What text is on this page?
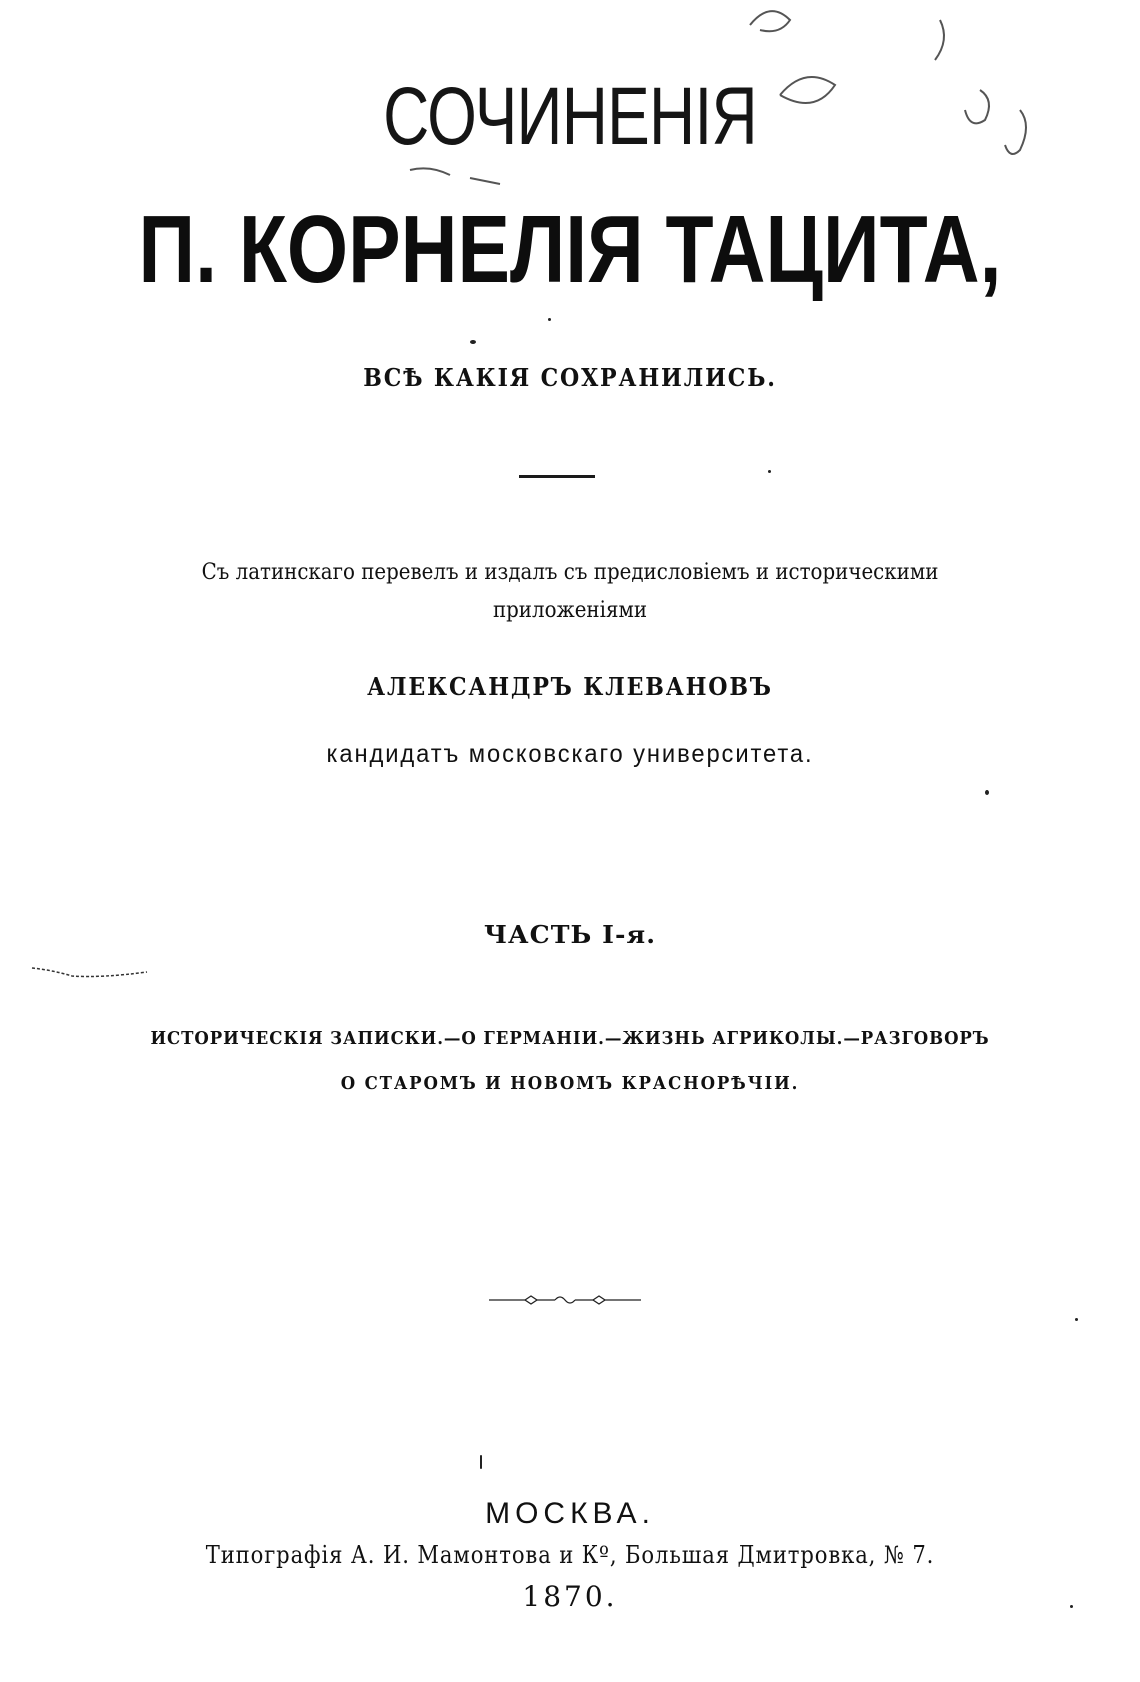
СОЧИНЕНІЯ
П. КОРНЕЛІЯ ТАЦИТА,
ВСѢ КАКІЯ СОХРАНИЛИСЬ.
Съ латинскаго перевелъ и издалъ съ предисловіемъ и историческими
приложеніями
АЛЕКСАНДРЪ КЛЕВАНОВЪ
кандидатъ московскаго университета.
ЧАСТЬ I-я.
ИСТОРИЧЕСКІЯ ЗАПИСКИ.—О ГЕРМАНІИ.—ЖИЗНЬ АГРИКОЛЫ.—РАЗГОВОРЪ
О СТАРОМЪ И НОВОМЪ КРАСНОРѢЧІИ.
МОСКВА.
Типографія А. И. Мамонтова и Кº, Большая Дмитровка, № 7.
1870.
